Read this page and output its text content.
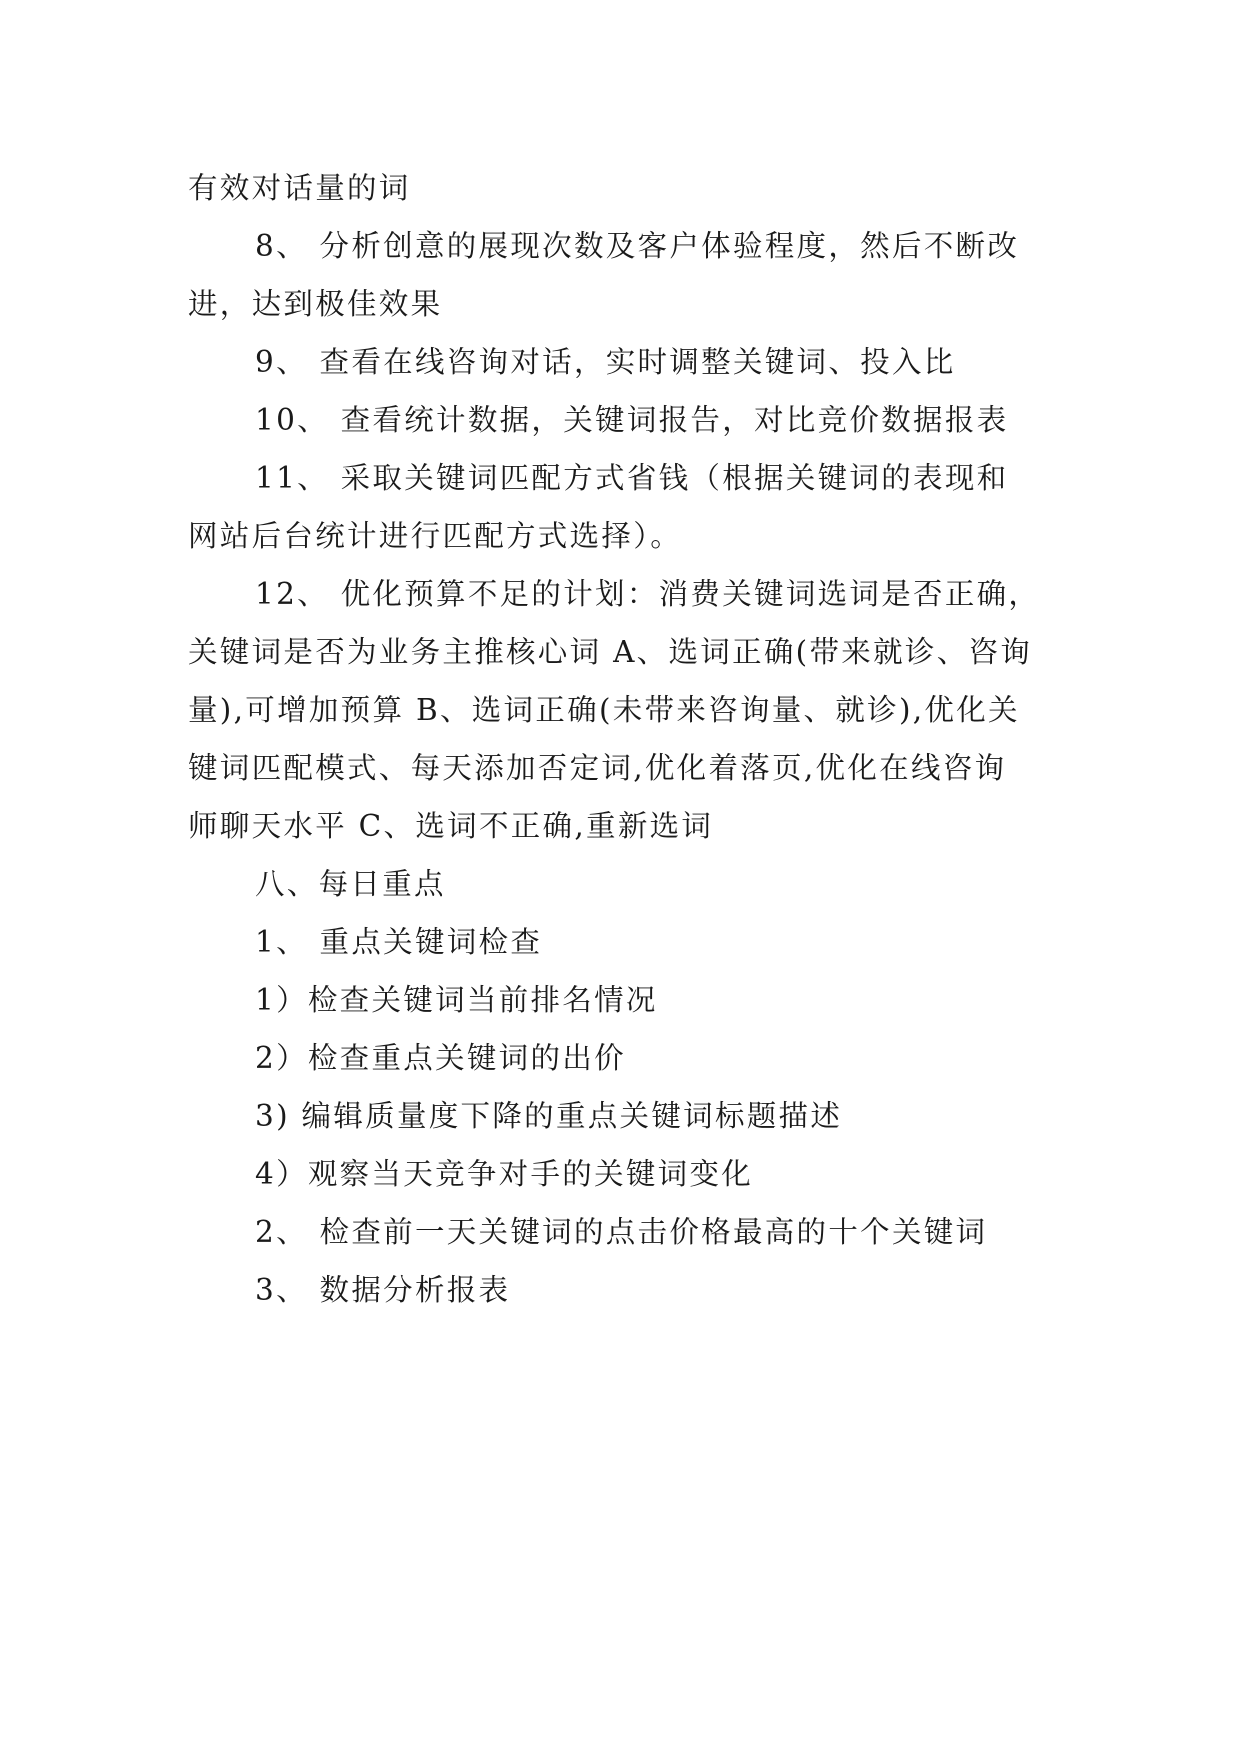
有效对话量的词

8、 分析创意的展现次数及客户体验程度，然后不断改

进，达到极佳效果

9、 查看在线咨询对话，实时调整关键词、投入比

10、 查看统计数据，关键词报告，对比竞价数据报表

11、 采取关键词匹配方式省钱（根据关键词的表现和

网站后台统计进行匹配方式选择）。

12、 优化预算不足的计划：消费关键词选词是否正确，

关键词是否为业务主推核心词 A、选词正确(带来就诊、咨询

量),可增加预算 B、选词正确(未带来咨询量、就诊),优化关

键词匹配模式、每天添加否定词,优化着落页,优化在线咨询

师聊天水平 C、选词不正确,重新选词

八、每日重点

1、 重点关键词检查

1）检查关键词当前排名情况

2）检查重点关键词的出价

3) 编辑质量度下降的重点关键词标题描述

4）观察当天竞争对手的关键词变化

2、 检查前一天关键词的点击价格最高的十个关键词

3、 数据分析报表
